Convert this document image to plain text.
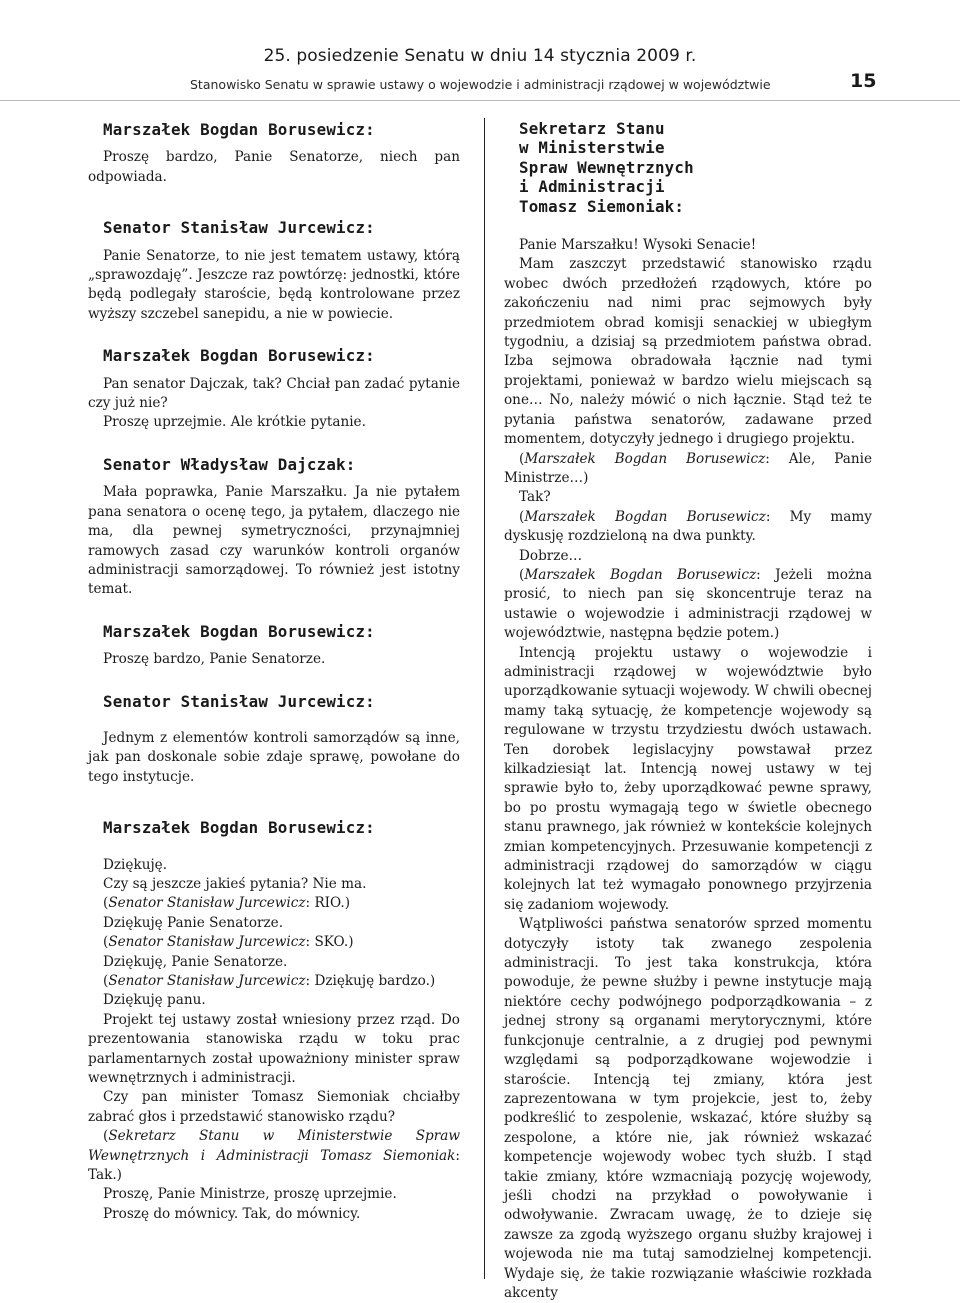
25. posiedzenie Senatu w dniu 14 stycznia 2009 r.
Stanowisko Senatu w sprawie ustawy o wojewodzie i administracji rządowej w województwie	15

Marszałek Bogdan Borusewicz:

Proszę bardzo, Panie Senatorze, niech pan odpowiada.

Senator Stanisław Jurcewicz:

Panie Senatorze, to nie jest tematem ustawy, którą „sprawozdaję”. Jeszcze raz powtórzę: jednostki, które będą podlegały staroście, będą kontrolowane przez wyższy szczebel sanepidu, a nie w powiecie.

Marszałek Bogdan Borusewicz:

Pan senator Dajczak, tak? Chciał pan zadać pytanie czy już nie?

Proszę uprzejmie. Ale krótkie pytanie.

Senator Władysław Dajczak:

Mała poprawka, Panie Marszałku. Ja nie pytałem pana senatora o ocenę tego, ja pytałem, dlaczego nie ma, dla pewnej symetryczności, przynajmniej ramowych zasad czy warunków kontroli organów administracji samorządowej. To również jest istotny temat.

Marszałek Bogdan Borusewicz:

Proszę bardzo, Panie Senatorze.

Senator Stanisław Jurcewicz:

Jednym z elementów kontroli samorządów są inne, jak pan doskonale sobie zdaje sprawę, powołane do tego instytucje.

Marszałek Bogdan Borusewicz:

Dziękuję.

Czy są jeszcze jakieś pytania? Nie ma.

(Senator Stanisław Jurcewicz: RIO.)

Dziękuję Panie Senatorze.

(Senator Stanisław Jurcewicz: SKO.)

Dziękuję, Panie Senatorze.

(Senator Stanisław Jurcewicz: Dziękuję bardzo.)

Dziękuję panu.

Projekt tej ustawy został wniesiony przez rząd. Do prezentowania stanowiska rządu w toku prac parlamentarnych został upoważniony minister spraw wewnętrznych i administracji.

Czy pan minister Tomasz Siemoniak chciałby zabrać głos i przedstawić stanowisko rządu?

(Sekretarz Stanu w Ministerstwie Spraw Wewnętrznych i Administracji Tomasz Siemoniak: Tak.)

Proszę, Panie Ministrze, proszę uprzejmie.

Proszę do mównicy. Tak, do mównicy.

Sekretarz Stanu

w Ministerstwie

Spraw Wewnętrznych

i Administracji

Tomasz Siemoniak:

Panie Marszałku! Wysoki Senacie!

Mam zaszczyt przedstawić stanowisko rządu wobec dwóch przedłożeń rządowych, które po zakończeniu nad nimi prac sejmowych były przedmiotem obrad komisji senackiej w ubiegłym tygodniu, a dzisiaj są przedmiotem państwa obrad. Izba sejmowa obradowała łącznie nad tymi projektami, ponieważ w bardzo wielu miejscach są one… No, należy mówić o nich łącznie. Stąd też te pytania państwa senatorów, zadawane przed momentem, dotyczyły jednego i drugiego projektu.

(Marszałek Bogdan Borusewicz: Ale, Panie Ministrze…)

Tak?

(Marszałek Bogdan Borusewicz: My mamy dyskusję rozdzieloną na dwa punkty.

Dobrze…

(Marszałek Bogdan Borusewicz: Jeżeli można prosić, to niech pan się skoncentruje teraz na ustawie o wojewodzie i administracji rządowej w województwie, następna będzie potem.)

Intencją projektu ustawy o wojewodzie i administracji rządowej w województwie było uporządkowanie sytuacji wojewody. W chwili obecnej mamy taką sytuację, że kompetencje wojewody są regulowane w trzystu trzydziestu dwóch ustawach. Ten dorobek legislacyjny powstawał przez kilkadziesiąt lat. Intencją nowej ustawy w tej sprawie było to, żeby uporządkować pewne sprawy, bo po prostu wymagają tego w świetle obecnego stanu prawnego, jak również w kontekście kolejnych zmian kompetencyjnych. Przesuwanie kompetencji z administracji rządowej do samorządów w ciągu kolejnych lat też wymagało ponownego przyjrzenia się zadaniom wojewody.

Wątpliwości państwa senatorów sprzed momentu dotyczyły istoty tak zwanego zespolenia administracji. To jest taka konstrukcja, która powoduje, że pewne służby i pewne instytucje mają niektóre cechy podwójnego podporządkowania – z jednej strony są organami merytorycznymi, które funkcjonuje centralnie, a z drugiej pod pewnymi względami są podporządkowane wojewodzie i staroście. Intencją tej zmiany, która jest zaprezentowana w tym projekcie, jest to, żeby podkreślić to zespolenie, wskazać, które służby są zespolone, a które nie, jak również wskazać kompetencje wojewody wobec tych służb. I stąd takie zmiany, które wzmacniają pozycję wojewody, jeśli chodzi na przykład o powoływanie i odwoływanie. Zwracam uwagę, że to dzieje się zawsze za zgodą wyższego organu służby krajowej i wojewoda nie ma tutaj samodzielnej kompetencji. Wydaje się, że takie rozwiązanie właściwie rozkłada akcenty
